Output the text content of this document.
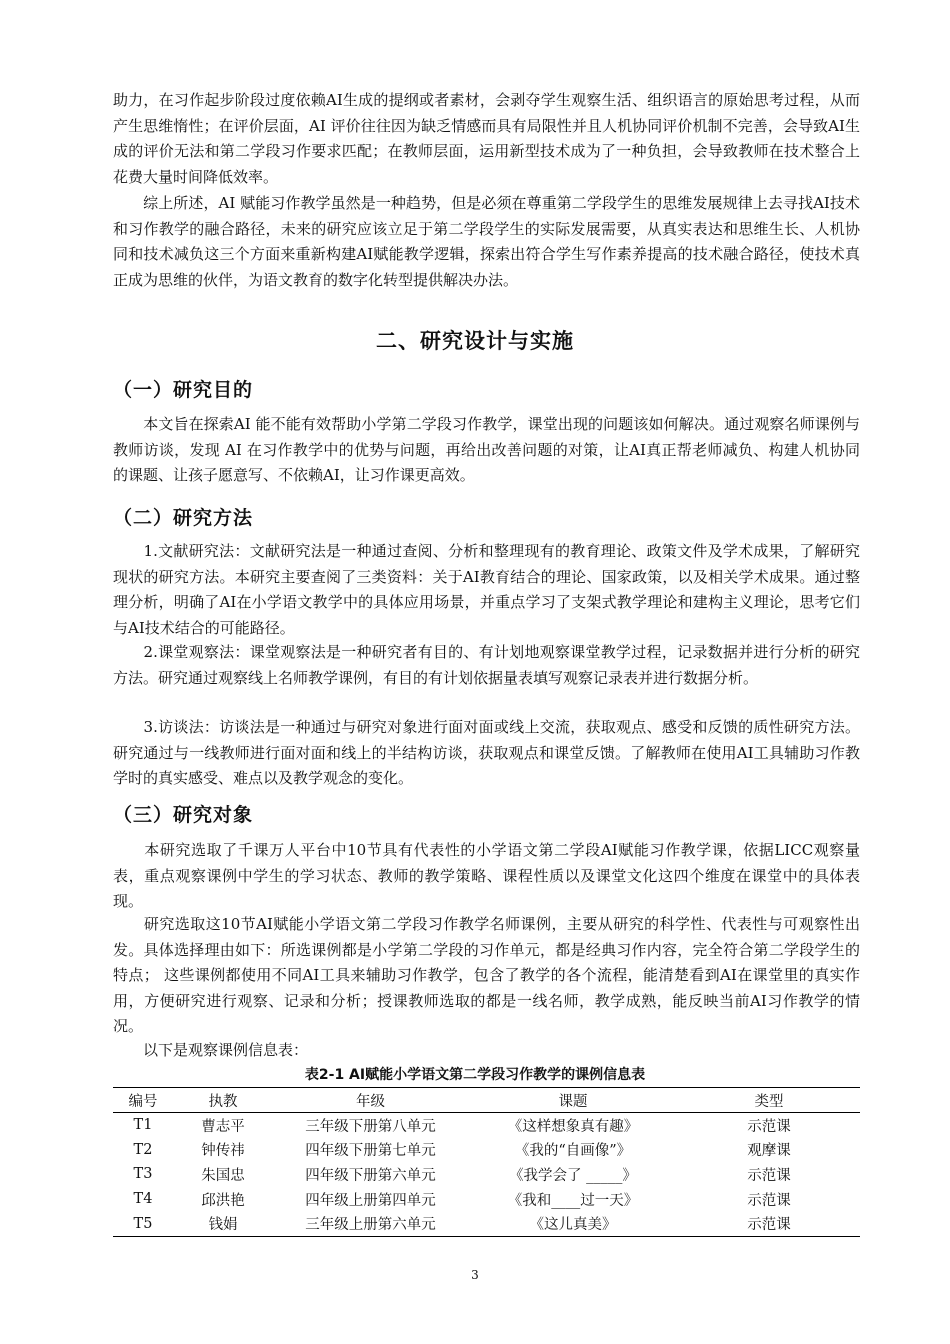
助力，在习作起步阶段过度依赖AI生成的提纲或者素材，会剥夺学生观察生活、组织语言的原始思考过程，从而产生思维惰性；在评价层面，AI 评价往往因为缺乏情感而具有局限性并且人机协同评价机制不完善，会导致AI生成的评价无法和第二学段习作要求匹配；在教师层面，运用新型技术成为了一种负担，会导致教师在技术整合上花费大量时间降低效率。

　　综上所述，AI 赋能习作教学虽然是一种趋势，但是必须在尊重第二学段学生的思维发展规律上去寻找AI技术和习作教学的融合路径，未来的研究应该立足于第二学段学生的实际发展需要，从真实表达和思维生长、人机协同和技术减负这三个方面来重新构建AI赋能教学逻辑，探索出符合学生写作素养提高的技术融合路径，使技术真正成为思维的伙伴，为语文教育的数字化转型提供解决办法。

二、研究设计与实施
（一）研究目的

　　本文旨在探索AI 能不能有效帮助小学第二学段习作教学，课堂出现的问题该如何解决。通过观察名师课例与教师访谈，发现 AI 在习作教学中的优势与问题，再给出改善问题的对策，让AI真正帮老师减负、构建人机协同的课题、让孩子愿意写、不依赖AI，让习作课更高效。

（二）研究方法

　　1.文献研究法：文献研究法是一种通过查阅、分析和整理现有的教育理论、政策文件及学术成果，了解研究现状的研究方法。本研究主要查阅了三类资料：关于AI教育结合的理论、国家政策，以及相关学术成果。通过整理分析，明确了AI在小学语文教学中的具体应用场景，并重点学习了支架式教学理论和建构主义理论，思考它们与AI技术结合的可能路径。

　　2.课堂观察法：课堂观察法是一种研究者有目的、有计划地观察课堂教学过程，记录数据并进行分析的研究方法。研究通过观察线上名师教学课例，有目的有计划依据量表填写观察记录表并进行数据分析。

　　3.访谈法：访谈法是一种通过与研究对象进行面对面或线上交流，获取观点、感受和反馈的质性研究方法。研究通过与一线教师进行面对面和线上的半结构访谈，获取观点和课堂反馈。了解教师在使用AI工具辅助习作教学时的真实感受、难点以及教学观念的变化。

（三）研究对象

　　本研究选取了千课万人平台中10节具有代表性的小学语文第二学段AI赋能习作教学课，依据LICC观察量表，重点观察课例中学生的学习状态、教师的教学策略、课程性质以及课堂文化这四个维度在课堂中的具体表现。

　　研究选取这10节AI赋能小学语文第二学段习作教学名师课例，主要从研究的科学性、代表性与可观察性出发。具体选择理由如下：所选课例都是小学第二学段的习作单元，都是经典习作内容，完全符合第二学段学生的特点； 这些课例都使用不同AI工具来辅助习作教学，包含了教学的各个流程，能清楚看到AI在课堂里的真实作用，方便研究进行观察、记录和分析；授课教师选取的都是一线名师，教学成熟，能反映当前AI习作教学的情况。

　　以下是观察课例信息表：

表2-1 AI赋能小学语文第二学段习作教学的课例信息表

编号	执教	年级	课题	类型
T1	曹志平	三年级下册第八单元	《这样想象真有趣》	示范课
T2	钟传祎	四年级下册第七单元	《我的“自画像”》	观摩课
T3	朱国忠	四年级下册第六单元	《我学会了 _____》	示范课
T4	邱洪艳	四年级上册第四单元	《我和____过一天》	示范课
T5	钱娟	三年级上册第六单元	《这儿真美》	示范课
3
